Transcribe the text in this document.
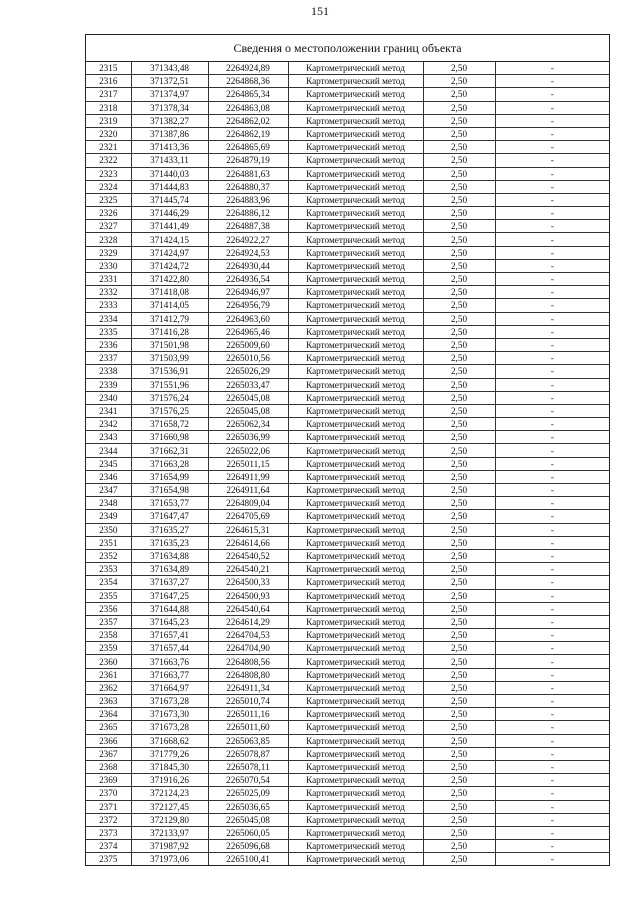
151
Сведения о местоположении границ объекта
2315	371343,48	2264924,89	Картометрический метод	2,50	-
2316	371372,51	2264868,36	Картометрический метод	2,50	-
2317	371374,97	2264865,34	Картометрический метод	2,50	-
2318	371378,34	2264863,08	Картометрический метод	2,50	-
2319	371382,27	2264862,02	Картометрический метод	2,50	-
2320	371387,86	2264862,19	Картометрический метод	2,50	-
2321	371413,36	2264865,69	Картометрический метод	2,50	-
2322	371433,11	2264879,19	Картометрический метод	2,50	-
2323	371440,03	2264881,63	Картометрический метод	2,50	-
2324	371444,83	2264880,37	Картометрический метод	2,50	-
2325	371445,74	2264883,96	Картометрический метод	2,50	-
2326	371446,29	2264886,12	Картометрический метод	2,50	-
2327	371441,49	2264887,38	Картометрический метод	2,50	-
2328	371424,15	2264922,27	Картометрический метод	2,50	-
2329	371424,97	2264924,53	Картометрический метод	2,50	-
2330	371424,72	2264930,44	Картометрический метод	2,50	-
2331	371422,80	2264936,54	Картометрический метод	2,50	-
2332	371418,08	2264946,97	Картометрический метод	2,50	-
2333	371414,05	2264956,79	Картометрический метод	2,50	-
2334	371412,79	2264963,60	Картометрический метод	2,50	-
2335	371416,28	2264965,46	Картометрический метод	2,50	-
2336	371501,98	2265009,60	Картометрический метод	2,50	-
2337	371503,99	2265010,56	Картометрический метод	2,50	-
2338	371536,91	2265026,29	Картометрический метод	2,50	-
2339	371551,96	2265033,47	Картометрический метод	2,50	-
2340	371576,24	2265045,08	Картометрический метод	2,50	-
2341	371576,25	2265045,08	Картометрический метод	2,50	-
2342	371658,72	2265062,34	Картометрический метод	2,50	-
2343	371660,98	2265036,99	Картометрический метод	2,50	-
2344	371662,31	2265022,06	Картометрический метод	2,50	-
2345	371663,28	2265011,15	Картометрический метод	2,50	-
2346	371654,99	2264911,99	Картометрический метод	2,50	-
2347	371654,98	2264911,64	Картометрический метод	2,50	-
2348	371653,77	2264809,04	Картометрический метод	2,50	-
2349	371647,47	2264705,69	Картометрический метод	2,50	-
2350	371635,27	2264615,31	Картометрический метод	2,50	-
2351	371635,23	2264614,66	Картометрический метод	2,50	-
2352	371634,88	2264540,52	Картометрический метод	2,50	-
2353	371634,89	2264540,21	Картометрический метод	2,50	-
2354	371637,27	2264500,33	Картометрический метод	2,50	-
2355	371647,25	2264500,93	Картометрический метод	2,50	-
2356	371644,88	2264540,64	Картометрический метод	2,50	-
2357	371645,23	2264614,29	Картометрический метод	2,50	-
2358	371657,41	2264704,53	Картометрический метод	2,50	-
2359	371657,44	2264704,90	Картометрический метод	2,50	-
2360	371663,76	2264808,56	Картометрический метод	2,50	-
2361	371663,77	2264808,80	Картометрический метод	2,50	-
2362	371664,97	2264911,34	Картометрический метод	2,50	-
2363	371673,28	2265010,74	Картометрический метод	2,50	-
2364	371673,30	2265011,16	Картометрический метод	2,50	-
2365	371673,28	2265011,60	Картометрический метод	2,50	-
2366	371668,62	2265063,85	Картометрический метод	2,50	-
2367	371779,26	2265078,87	Картометрический метод	2,50	-
2368	371845,30	2265078,11	Картометрический метод	2,50	-
2369	371916,26	2265070,54	Картометрический метод	2,50	-
2370	372124,23	2265025,09	Картометрический метод	2,50	-
2371	372127,45	2265036,65	Картометрический метод	2,50	-
2372	372129,80	2265045,08	Картометрический метод	2,50	-
2373	372133,97	2265060,05	Картометрический метод	2,50	-
2374	371987,92	2265096,68	Картометрический метод	2,50	-
2375	371973,06	2265100,41	Картометрический метод	2,50	-
